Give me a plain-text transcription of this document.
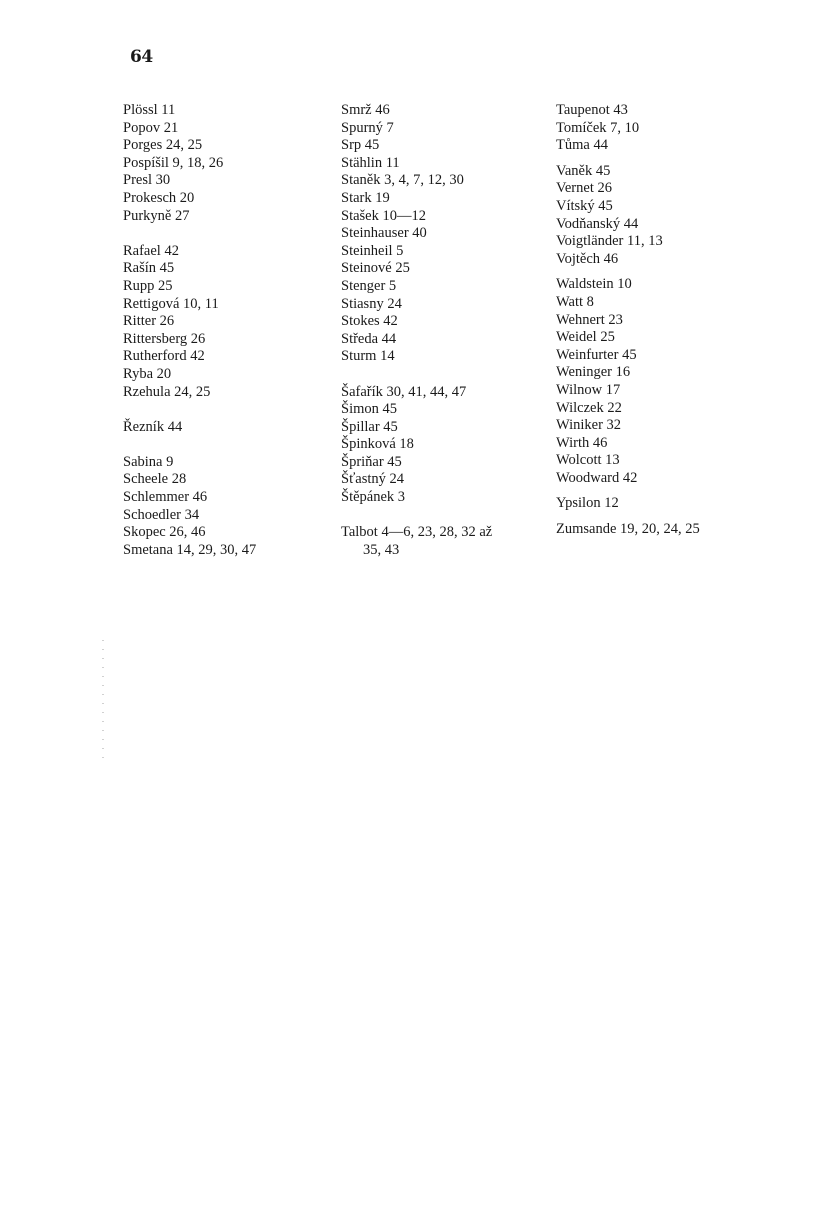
64
Plössl 11
Popov 21
Porges 24, 25
Pospíšil 9, 18, 26
Presl 30
Prokesch 20
Purkyně 27
Rafael 42
Rašín 45
Rupp 25
Rettigová 10, 11
Ritter 26
Rittersberg 26
Rutherford 42
Ryba 20
Rzehula 24, 25
Řezník 44
Sabina 9
Scheele 28
Schlemmer 46
Schoedler 34
Skopec 26, 46
Smetana 14, 29, 30, 47
Smrž 46
Spurný 7
Srp 45
Stählin 11
Staněk 3, 4, 7, 12, 30
Stark 19
Stašek 10—12
Steinhauser 40
Steinheil 5
Steinové 25
Stenger 5
Stiasny 24
Stokes 42
Středa 44
Sturm 14
Šafařík 30, 41, 44, 47
Šimon 45
Špillar 45
Špinková 18
Špriňar 45
Šťastný 24
Štěpánek 3
Talbot 4—6, 23, 28, 32 až
35, 43
Taupenot 43
Tomíček 7, 10
Tůma 44
Vaněk 45
Vernet 26
Vítský 45
Vodňanský 44
Voigtländer 11, 13
Vojtěch 46
Waldstein 10
Watt 8
Wehnert 23
Weidel 25
Weinfurter 45
Weninger 16
Wilnow 17
Wilczek 22
Winiker 32
Wirth 46
Wolcott 13
Woodward 42
Ypsilon 12
Zumsande 19, 20, 24, 25
